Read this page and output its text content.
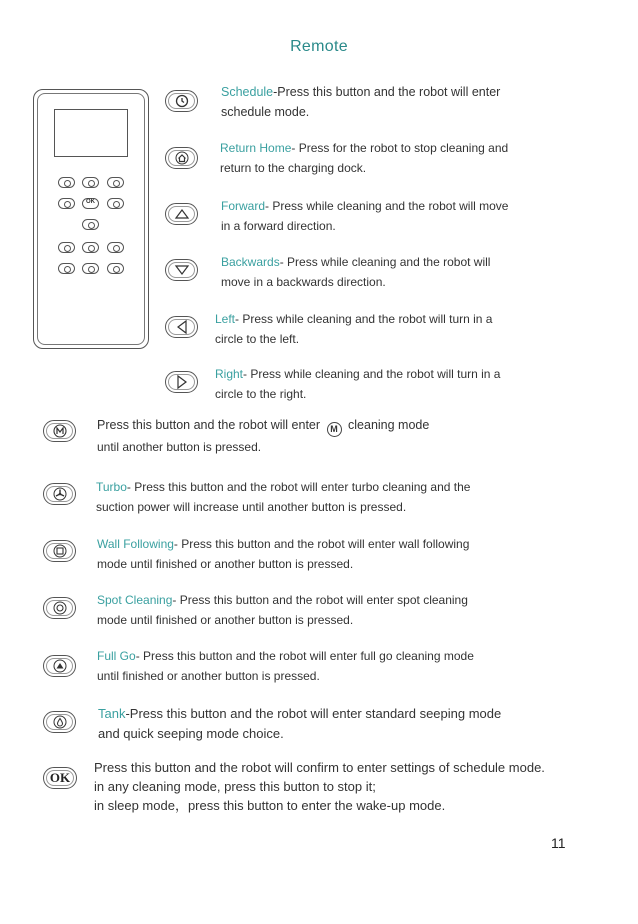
Remote
OK
Schedule-Press this button and the robot will enter
schedule mode.
Return Home- Press for the robot to stop cleaning and
return to the charging dock.
Forward- Press while cleaning and the robot will move
in a forward direction.
Backwards- Press while cleaning and the robot will
move in a backwards direction.
Left- Press while cleaning and the robot will turn in a
circle to the left.
Right- Press while cleaning and the robot will turn in a
circle to the right.
Press this button and the robot will enter M cleaning mode
until another button is pressed.
Turbo- Press this button and the robot will enter turbo cleaning and the
suction power will increase until another button is pressed.
Wall Following- Press this button and the robot will enter wall following
mode until finished or another button is pressed.
Spot Cleaning- Press this button and the robot will enter spot cleaning
mode until finished or another button is pressed.
Full Go- Press this button and the robot will enter full go cleaning mode
until finished or another button is pressed.
Tank-Press this button and the robot will enter standard seeping mode
and quick seeping mode choice.
OK
Press this button and the robot will confirm to enter settings of schedule mode.
in any cleaning mode, press this button to stop it;
in sleep mode，press this button to enter the wake-up mode.
11
